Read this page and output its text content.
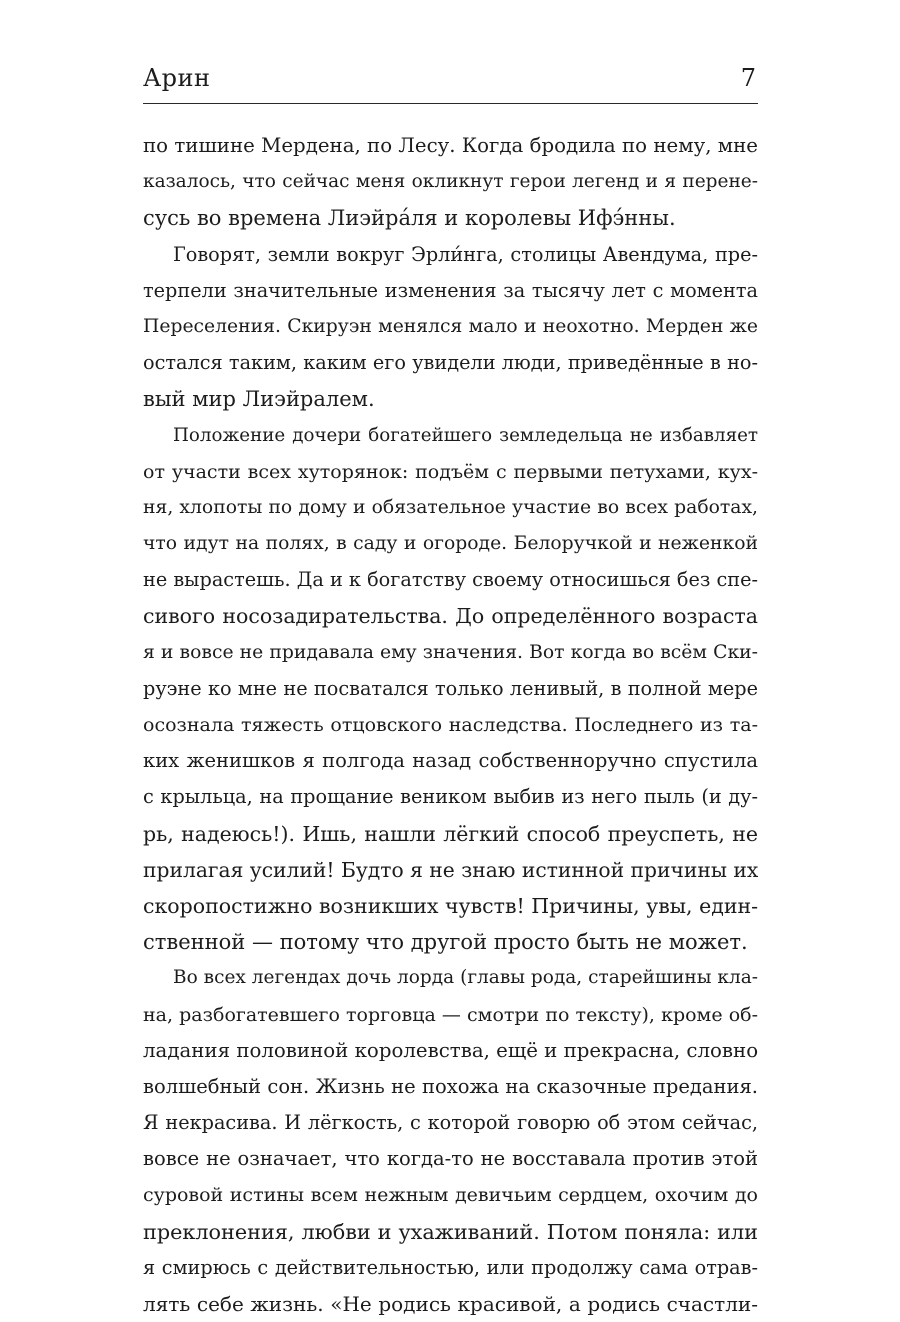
Арин	7
по тишине Мердена, по Лесу. Когда бродила по нему, мне
казалось, что сейчас меня окликнут герои легенд и я перене-
сусь во времена Лиэйра́ля и королевы Ифэ́нны.
Говорят, земли вокруг Эрли́нга, столицы Авендума, пре-
терпели значительные изменения за тысячу лет с момента
Переселения. Скируэн менялся мало и неохотно. Мерден же
остался таким, каким его увидели люди, приведённые в но-
вый мир Лиэйралем.
Положение дочери богатейшего земледельца не избавляет
от участи всех хуторянок: подъём с первыми петухами, кух-
ня, хлопоты по дому и обязательное участие во всех работах,
что идут на полях, в саду и огороде. Белоручкой и неженкой
не вырастешь. Да и к богатству своему относишься без спе-
сивого носозадирательства. До определённого возраста
я и вовсе не придавала ему значения. Вот когда во всём Ски-
руэне ко мне не посватался только ленивый, в полной мере
осознала тяжесть отцовского наследства. Последнего из та-
ких женишков я полгода назад собственноручно спустила
с крыльца, на прощание веником выбив из него пыль (и ду-
рь, надеюсь!). Ишь, нашли лёгкий способ преуспеть, не
прилагая усилий! Будто я не знаю истинной причины их
скоропостижно возникших чувств! Причины, увы, един-
ственной — потому что другой просто быть не может.
Во всех легендах дочь лорда (главы рода, старейшины кла-
на, разбогатевшего торговца — смотри по тексту), кроме об-
ладания половиной королевства, ещё и прекрасна, словно
волшебный сон. Жизнь не похожа на сказочные предания.
Я некрасива. И лёгкость, с которой говорю об этом сейчас,
вовсе не означает, что когда-то не восставала против этой
суровой истины всем нежным девичьим сердцем, охочим до
преклонения, любви и ухаживаний. Потом поняла: или
я смирюсь с действительностью, или продолжу сама отрав-
лять себе жизнь. «Не родись красивой, а родись счастли-
